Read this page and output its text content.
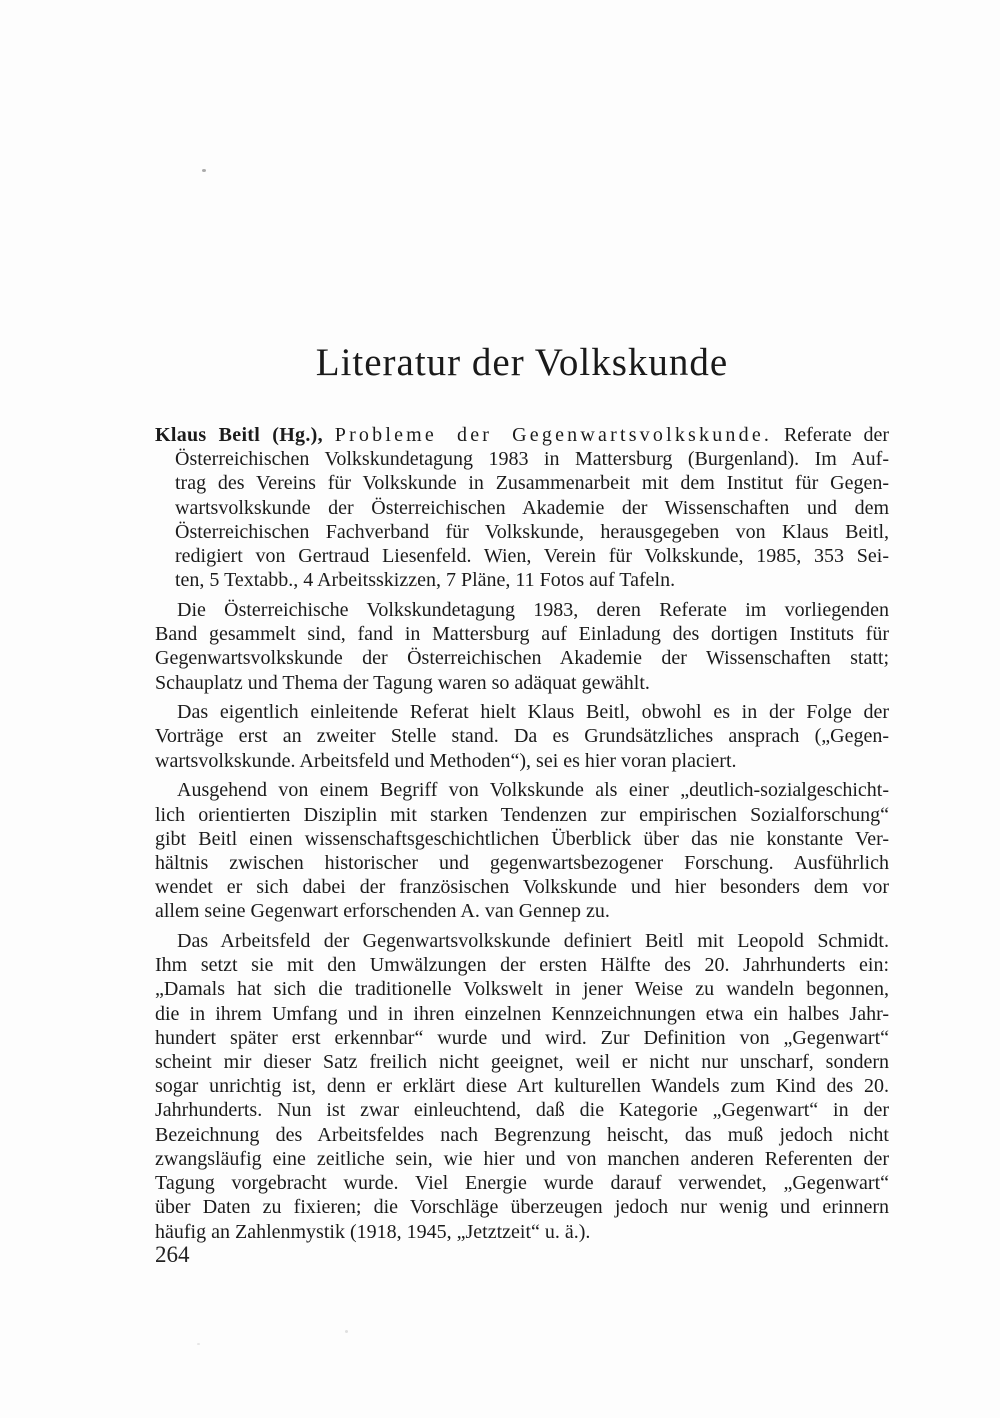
Literatur der Volkskunde
Klaus Beitl (Hg.), Probleme der Gegenwartsvolkskunde. Referate der
Österreichischen Volkskundetagung 1983 in Mattersburg (Burgenland). Im Auf-
trag des Vereins für Volkskunde in Zusammenarbeit mit dem Institut für Gegen-
wartsvolkskunde der Österreichischen Akademie der Wissenschaften und dem
Österreichischen Fachverband für Volkskunde, herausgegeben von Klaus Beitl,
redigiert von Gertraud Liesenfeld. Wien, Verein für Volkskunde, 1985, 353 Sei-
ten, 5 Textabb., 4 Arbeitsskizzen, 7 Pläne, 11 Fotos auf Tafeln.
Die Österreichische Volkskundetagung 1983, deren Referate im vorliegenden
Band gesammelt sind, fand in Mattersburg auf Einladung des dortigen Instituts für
Gegenwartsvolkskunde der Österreichischen Akademie der Wissenschaften statt;
Schauplatz und Thema der Tagung waren so adäquat gewählt.
Das eigentlich einleitende Referat hielt Klaus Beitl, obwohl es in der Folge der
Vorträge erst an zweiter Stelle stand. Da es Grundsätzliches ansprach („Gegen-
wartsvolkskunde. Arbeitsfeld und Methoden“), sei es hier voran placiert.
Ausgehend von einem Begriff von Volkskunde als einer „deutlich-sozialgeschicht-
lich orientierten Disziplin mit starken Tendenzen zur empirischen Sozialforschung“
gibt Beitl einen wissenschaftsgeschichtlichen Überblick über das nie konstante Ver-
hältnis zwischen historischer und gegenwartsbezogener Forschung. Ausführlich
wendet er sich dabei der französischen Volkskunde und hier besonders dem vor
allem seine Gegenwart erforschenden A. van Gennep zu.
Das Arbeitsfeld der Gegenwartsvolkskunde definiert Beitl mit Leopold Schmidt.
Ihm setzt sie mit den Umwälzungen der ersten Hälfte des 20. Jahrhunderts ein:
„Damals hat sich die traditionelle Volkswelt in jener Weise zu wandeln begonnen,
die in ihrem Umfang und in ihren einzelnen Kennzeichnungen etwa ein halbes Jahr-
hundert später erst erkennbar“ wurde und wird. Zur Definition von „Gegenwart“
scheint mir dieser Satz freilich nicht geeignet, weil er nicht nur unscharf, sondern
sogar unrichtig ist, denn er erklärt diese Art kulturellen Wandels zum Kind des 20.
Jahrhunderts. Nun ist zwar einleuchtend, daß die Kategorie „Gegenwart“ in der
Bezeichnung des Arbeitsfeldes nach Begrenzung heischt, das muß jedoch nicht
zwangsläufig eine zeitliche sein, wie hier und von manchen anderen Referenten der
Tagung vorgebracht wurde. Viel Energie wurde darauf verwendet, „Gegenwart“
über Daten zu fixieren; die Vorschläge überzeugen jedoch nur wenig und erinnern
häufig an Zahlenmystik (1918, 1945, „Jetztzeit“ u. ä.).
264
